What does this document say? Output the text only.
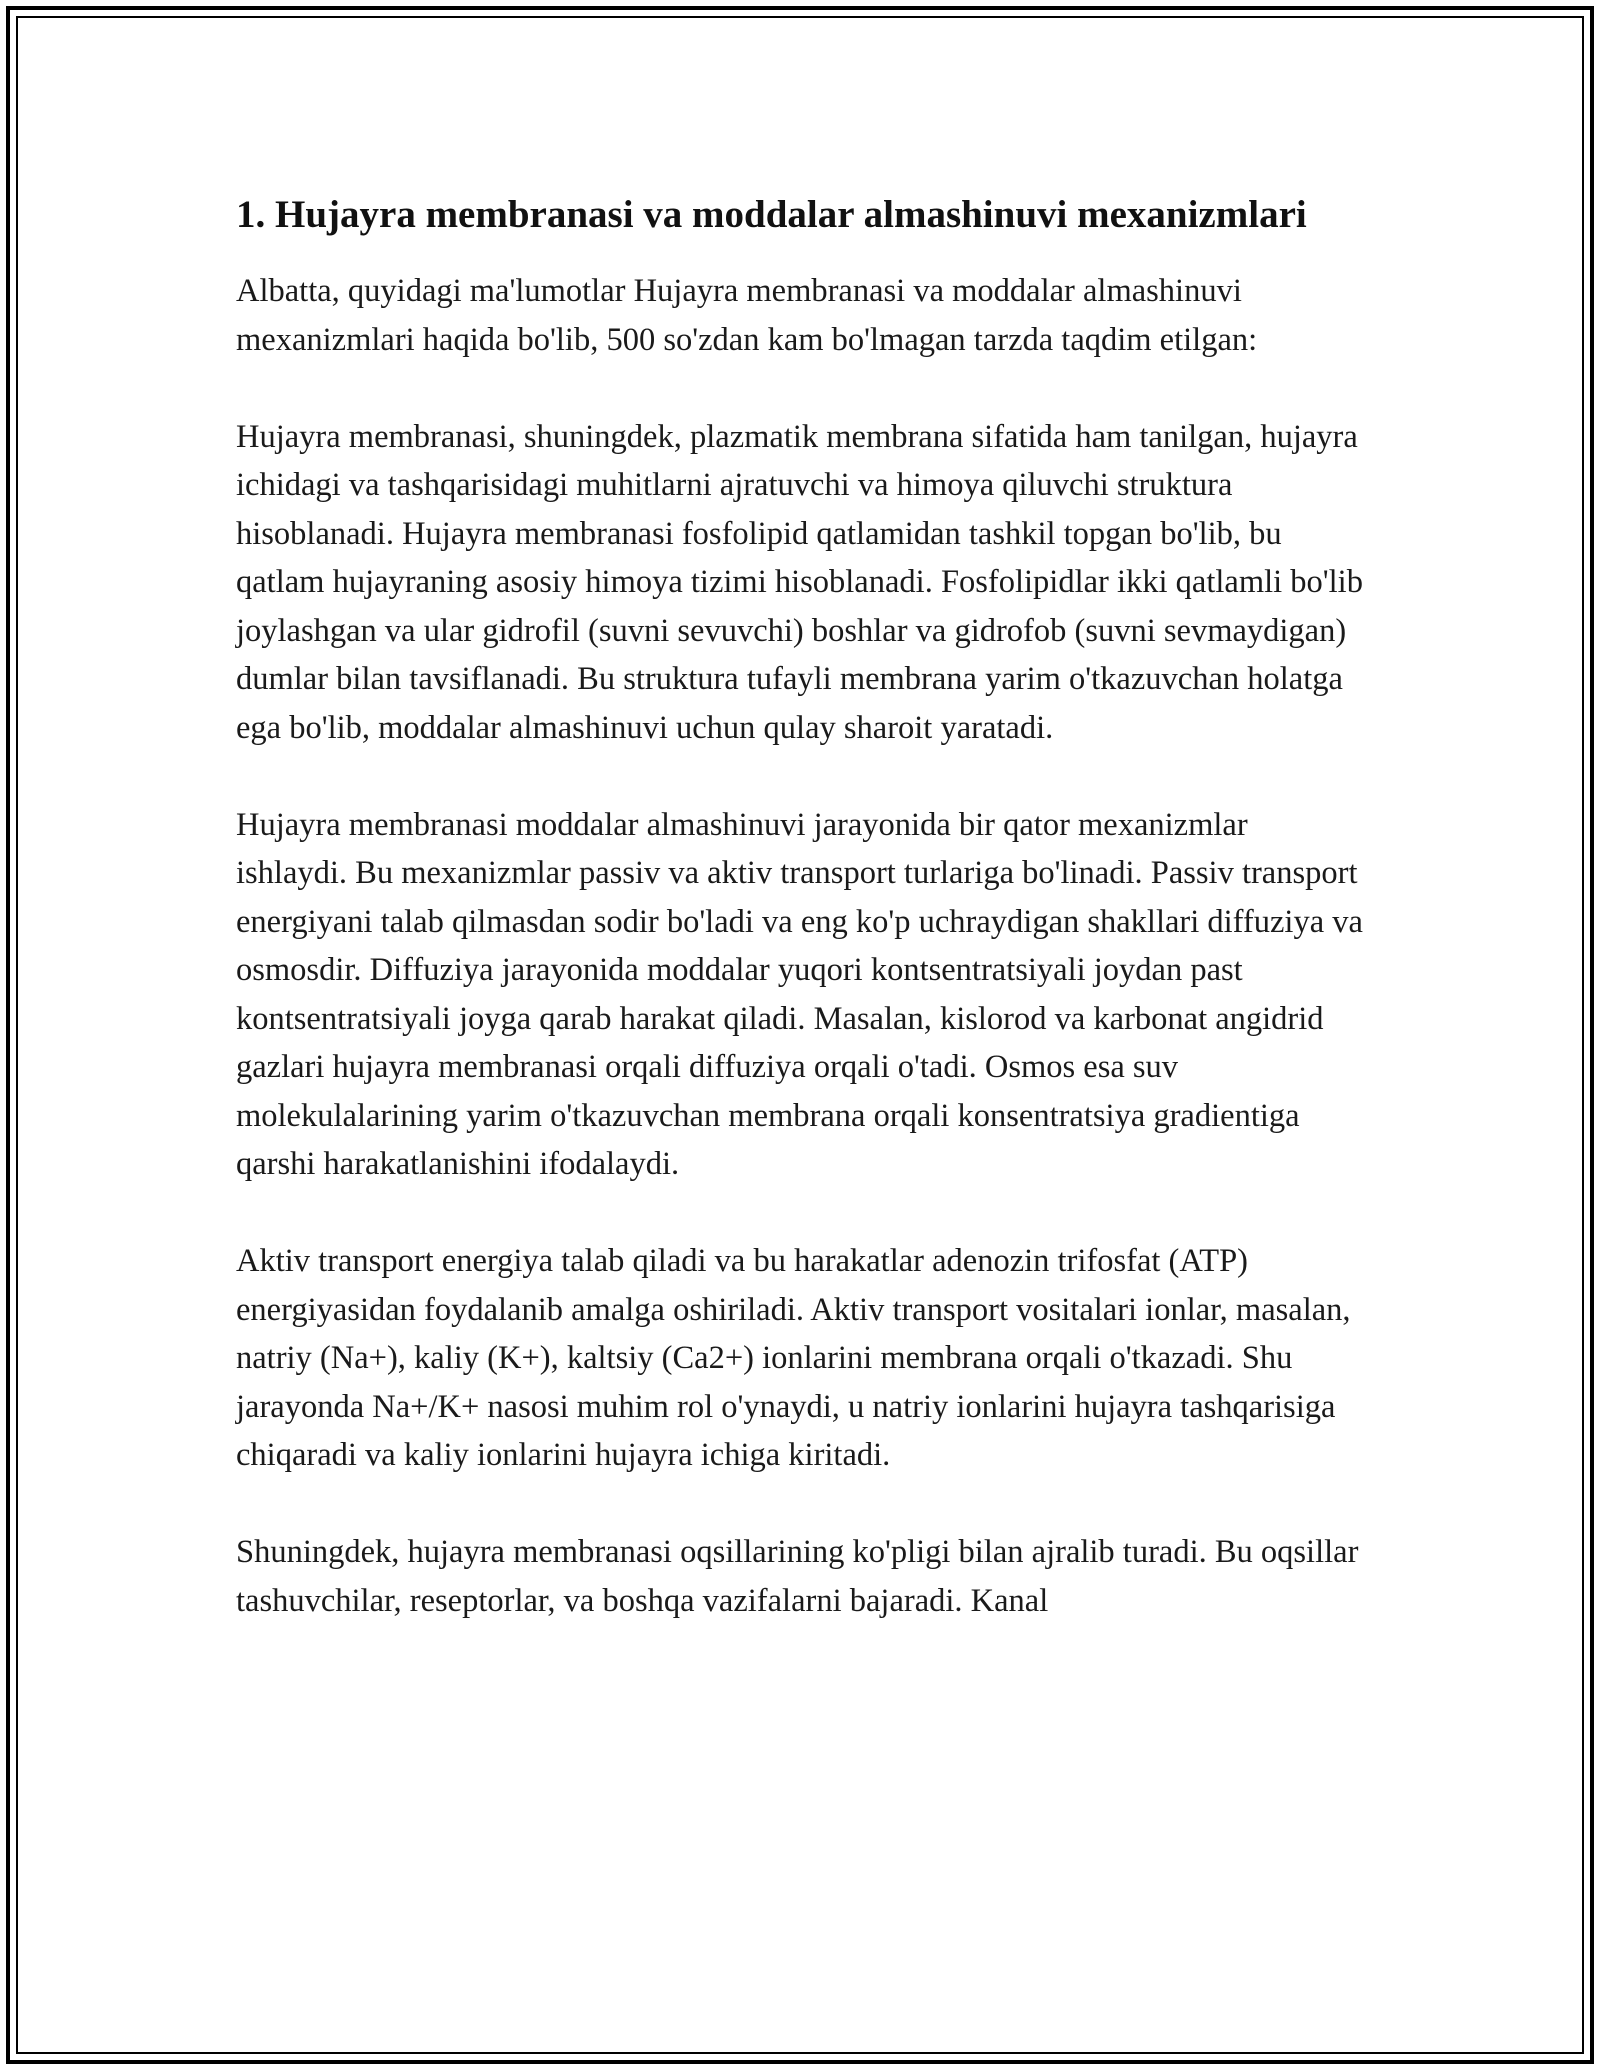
1. Hujayra membranasi va moddalar almashinuvi mexanizmlari

Albatta, quyidagi ma'lumotlar Hujayra membranasi va moddalar almashinuvi mexanizmlari haqida bo'lib, 500 so'zdan kam bo'lmagan tarzda taqdim etilgan:

Hujayra membranasi, shuningdek, plazmatik membrana sifatida ham tanilgan, hujayra ichidagi va tashqarisidagi muhitlarni ajratuvchi va himoya qiluvchi struktura hisoblanadi. Hujayra membranasi fosfolipid qatlamidan tashkil topgan bo'lib, bu qatlam hujayraning asosiy himoya tizimi hisoblanadi. Fosfolipidlar ikki qatlamli bo'lib joylashgan va ular gidrofil (suvni sevuvchi) boshlar va gidrofob (suvni sevmaydigan) dumlar bilan tavsiflanadi. Bu struktura tufayli membrana yarim o'tkazuvchan holatga ega bo'lib, moddalar almashinuvi uchun qulay sharoit yaratadi.

Hujayra membranasi moddalar almashinuvi jarayonida bir qator mexanizmlar ishlaydi. Bu mexanizmlar passiv va aktiv transport turlariga bo'linadi. Passiv transport energiyani talab qilmasdan sodir bo'ladi va eng ko'p uchraydigan shakllari diffuziya va osmosdir. Diffuziya jarayonida moddalar yuqori kontsentratsiyali joydan past kontsentratsiyali joyga qarab harakat qiladi. Masalan, kislorod va karbonat angidrid gazlari hujayra membranasi orqali diffuziya orqali o'tadi. Osmos esa suv molekulalarining yarim o'tkazuvchan membrana orqali konsentratsiya gradientiga qarshi harakatlanishini ifodalaydi.

Aktiv transport energiya talab qiladi va bu harakatlar adenozin trifosfat (ATP) energiyasidan foydalanib amalga oshiriladi. Aktiv transport vositalari ionlar, masalan, natriy (Na+), kaliy (K+), kaltsiy (Ca2+) ionlarini membrana orqali o'tkazadi. Shu jarayonda Na+/K+ nasosi muhim rol o'ynaydi, u natriy ionlarini hujayra tashqarisiga chiqaradi va kaliy ionlarini hujayra ichiga kiritadi.

Shuningdek, hujayra membranasi oqsillarining ko'pligi bilan ajralib turadi. Bu oqsillar tashuvchilar, reseptorlar, va boshqa vazifalarni bajaradi. Kanal
